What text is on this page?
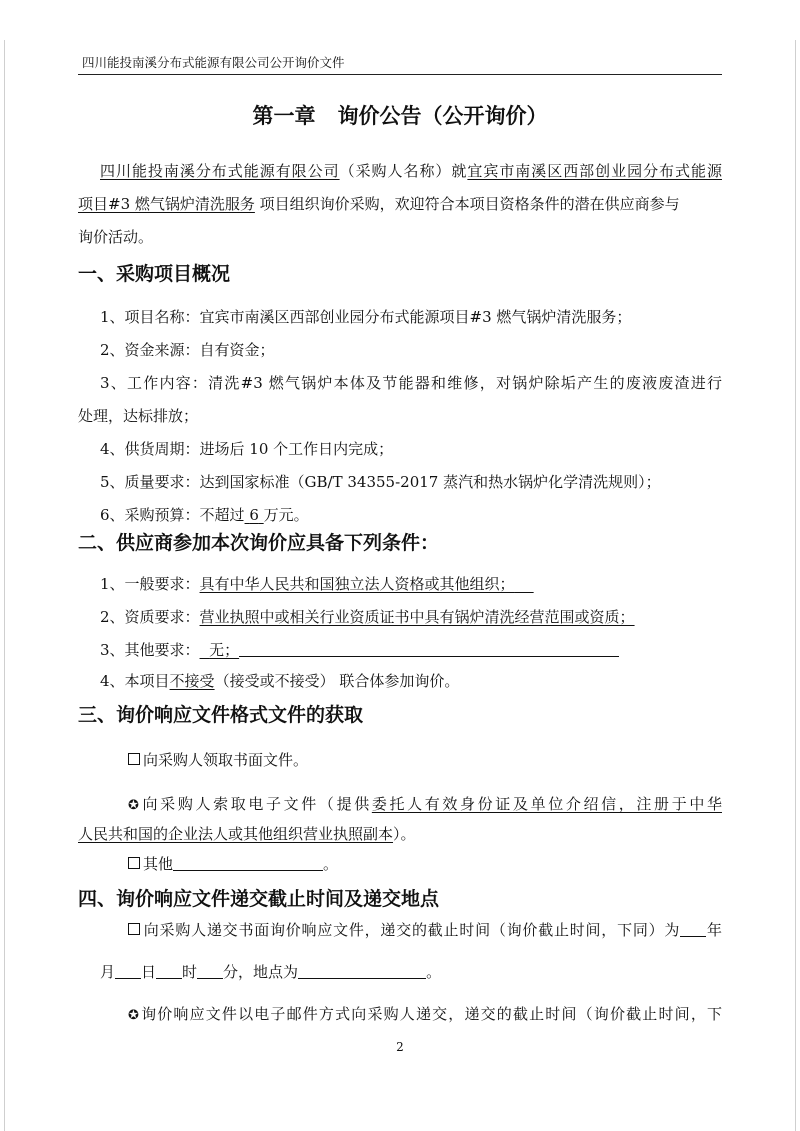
四川能投南溪分布式能源有限公司公开询价文件
第一章 询价公告（公开询价）
四川能投南溪分布式能源有限公司（采购人名称）就宜宾市南溪区西部创业园分布式能源
项目#3 燃气锅炉清洗服务 项目组织询价采购，欢迎符合本项目资格条件的潜在供应商参与
询价活动。
一、采购项目概况
1、项目名称：宜宾市南溪区西部创业园分布式能源项目#3 燃气锅炉清洗服务；
2、资金来源：自有资金；
3、工作内容：清洗#3 燃气锅炉本体及节能器和维修，对锅炉除垢产生的废液废渣进行
处理，达标排放；
4、供货周期：进场后 10 个工作日内完成；
5、质量要求：达到国家标准（GB/T 34355-2017 蒸汽和热水锅炉化学清洗规则）；
6、采购预算：不超过 6 万元。
二、供应商参加本次询价应具备下列条件：
1、一般要求：具有中华人民共和国独立法人资格或其他组织；
2、资质要求：营业执照中或相关行业资质证书中具有锅炉清洗经营范围或资质；
3、其他要求： 无；
4、本项目不接受（接受或不接受） 联合体参加询价。
三、询价响应文件格式文件的获取
向采购人领取书面文件。
✪向采购人索取电子文件（提供委托人有效身份证及单位介绍信，注册于中华
人民共和国的企业法人或其他组织营业执照副本）。
其他	。
四、询价响应文件递交截止时间及递交地点
向采购人递交书面询价响应文件，递交的截止时间（询价截止时间，下同）为 年
月 日 时 分，地点为	。
✪询价响应文件以电子邮件方式向采购人递交，递交的截止时间（询价截止时间，下
2
